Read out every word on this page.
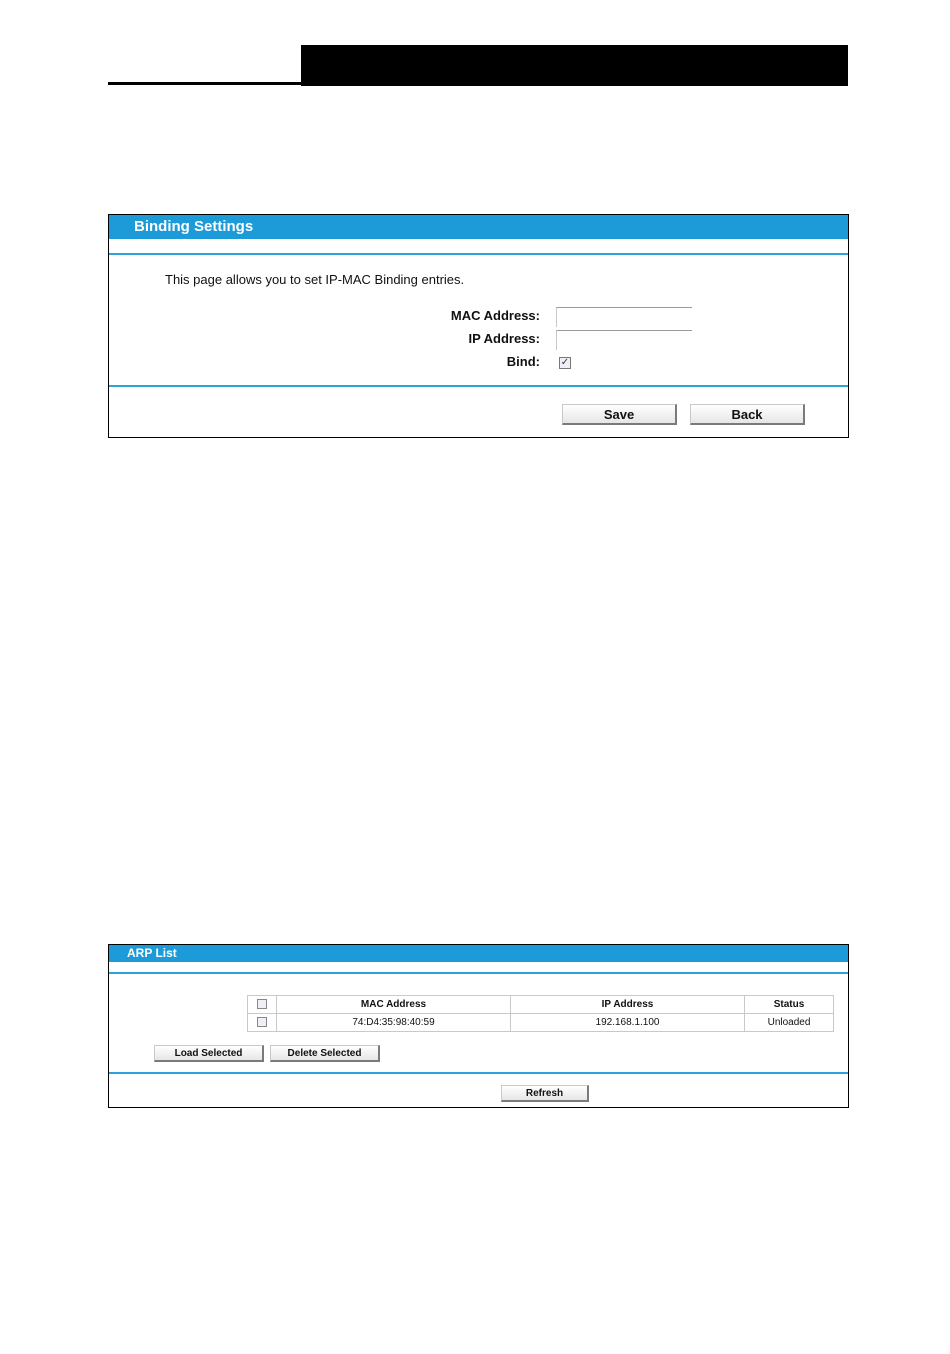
Binding Settings
This page allows you to set IP-MAC Binding entries.
MAC Address:
IP Address:
Bind: ✓
Save	Back
ARP List
	MAC Address	IP Address	Status
	74:D4:35:98:40:59	192.168.1.100	Unloaded
Load Selected	Delete Selected
Refresh
